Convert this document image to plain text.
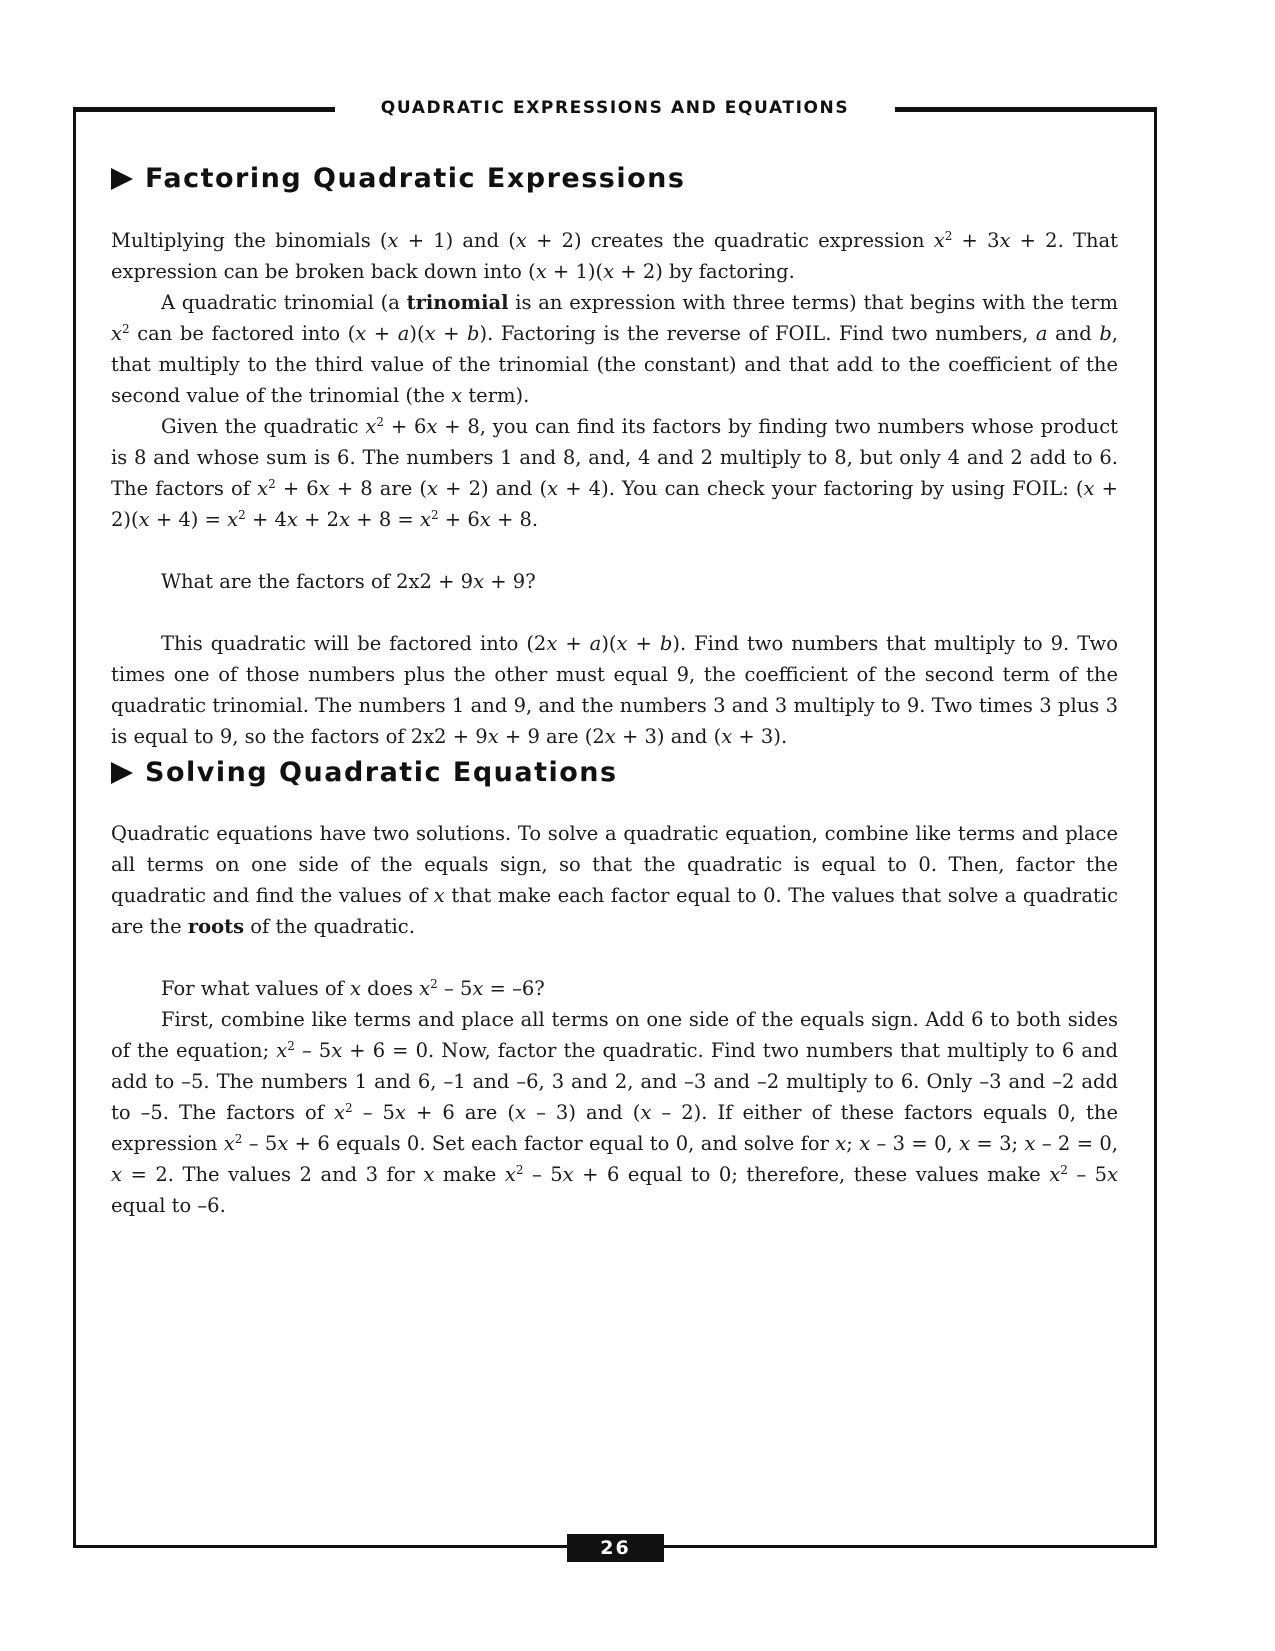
QUADRATIC EXPRESSIONS AND EQUATIONS
Factoring Quadratic Expressions

Multiplying the binomials (x + 1) and (x + 2) creates the quadratic expression $x^2 + 3x + 2$. That expression can be broken back down into (x + 1)(x + 2) by factoring.

A quadratic trinomial (a trinomial is an expression with three terms) that begins with the term $x^2$ can be factored into (x + a)(x + b). Factoring is the reverse of FOIL. Find two numbers, a and b, that multiply to the third value of the trinomial (the constant) and that add to the coefficient of the second value of the trinomial (the x term).

Given the quadratic $x^2 + 6x + 8$, you can find its factors by finding two numbers whose product is 8 and whose sum is 6. The numbers 1 and 8, and, 4 and 2 multiply to 8, but only 4 and 2 add to 6. The factors of $x^2 + 6x + 8$ are (x + 2) and (x + 4). You can check your factoring by using FOIL: $(x + 2)(x + 4) = x^2 + 4x + 2x + 8 = x^2 + 6x + 8$.

What are the factors of 2x2 + 9x + 9?

This quadratic will be factored into (2x + a)(x + b). Find two numbers that multiply to 9. Two times one of those numbers plus the other must equal 9, the coefficient of the second term of the quadratic trinomial. The numbers 1 and 9, and the numbers 3 and 3 multiply to 9. Two times 3 plus 3 is equal to 9, so the factors of 2x2 + 9x + 9 are (2x + 3) and (x + 3).

Solving Quadratic Equations

Quadratic equations have two solutions. To solve a quadratic equation, combine like terms and place all terms on one side of the equals sign, so that the quadratic is equal to 0. Then, factor the quadratic and find the values of x that make each factor equal to 0. The values that solve a quadratic are the roots of the quadratic.

For what values of x does $x^2 - 5x = -6$?

First, combine like terms and place all terms on one side of the equals sign. Add 6 to both sides of the equation; $x^2 - 5x + 6 = 0$. Now, factor the quadratic. Find two numbers that multiply to 6 and add to –5. The numbers 1 and 6, –1 and –6, 3 and 2, and –3 and –2 multiply to 6. Only –3 and –2 add to –5. The factors of $x^2 - 5x + 6$ are (x – 3) and (x – 2). If either of these factors equals 0, the expression $x^2 - 5x + 6$ equals 0. Set each factor equal to 0, and solve for x; x – 3 = 0, x = 3; x – 2 = 0, x = 2. The values 2 and 3 for x make $x^2 - 5x + 6$ equal to 0; therefore, these values make $x^2 - 5x$ equal to –6.

26
